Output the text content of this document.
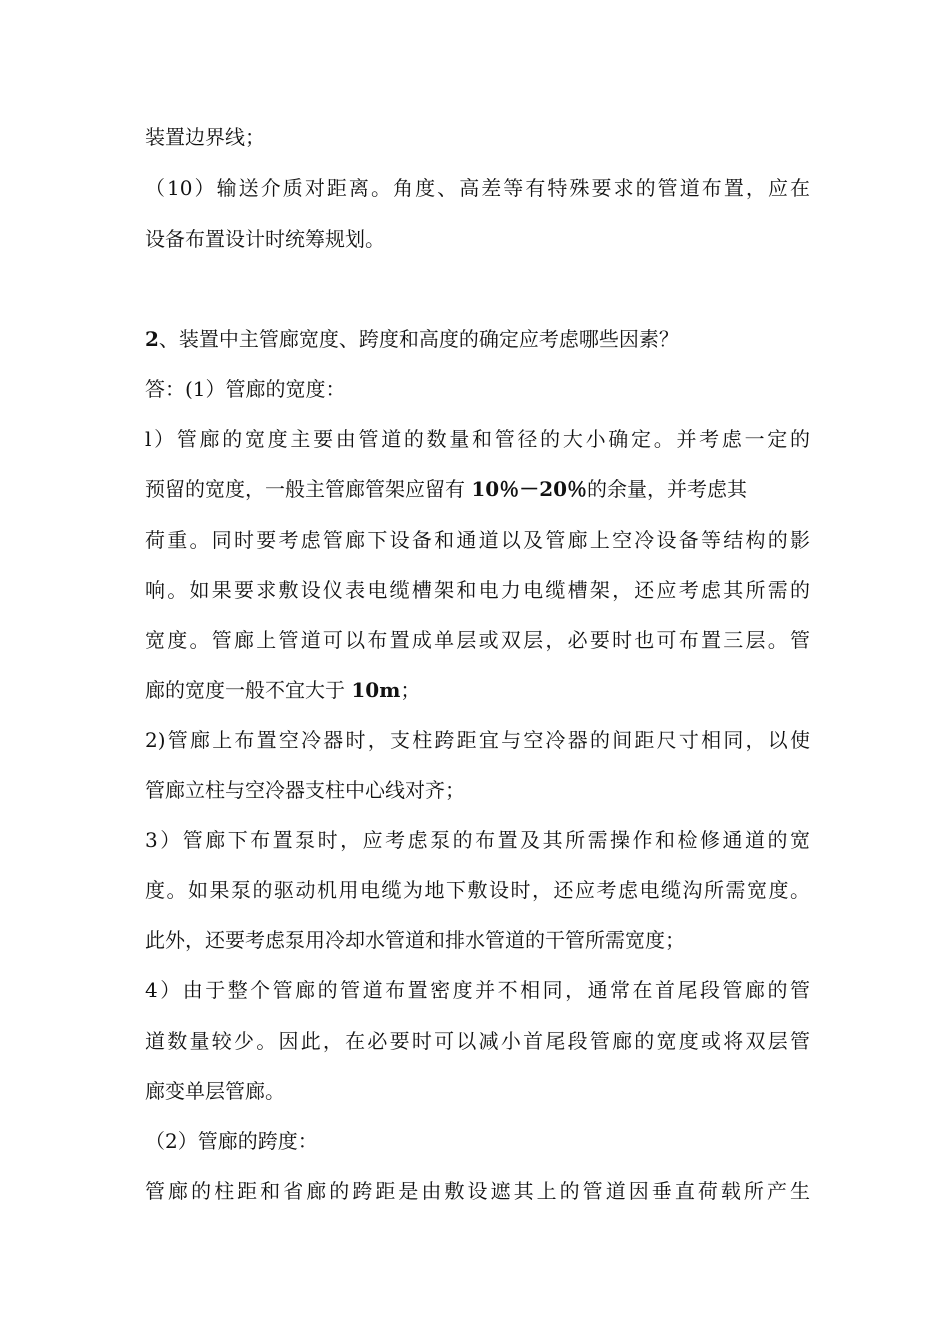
装置边界线；
（10）输送介质对距离。角度、高差等有特殊要求的管道布置，应在
设备布置设计时统筹规划。
2、装置中主管廊宽度、跨度和高度的确定应考虑哪些因素？
答：(1）管廊的宽度：
l）管廊的宽度主要由管道的数量和管径的大小确定。并考虑一定的
预留的宽度，一般主管廊管架应留有 10％－20％的余量，并考虑其
荷重。同时要考虑管廊下设备和通道以及管廊上空冷设备等结构的影
响。如果要求敷设仪表电缆槽架和电力电缆槽架，还应考虑其所需的
宽度。管廊上管道可以布置成单层或双层，必要时也可布置三层。管
廊的宽度一般不宜大于 10m；
2)管廊上布置空冷器时，支柱跨距宜与空冷器的间距尺寸相同，以使
管廊立柱与空冷器支柱中心线对齐；
3）管廊下布置泵时，应考虑泵的布置及其所需操作和检修通道的宽
度。如果泵的驱动机用电缆为地下敷设时，还应考虑电缆沟所需宽度。
此外，还要考虑泵用冷却水管道和排水管道的干管所需宽度；
4）由于整个管廊的管道布置密度并不相同，通常在首尾段管廊的管
道数量较少。因此，在必要时可以减小首尾段管廊的宽度或将双层管
廊变单层管廊。
（2）管廊的跨度：
管廊的柱距和省廊的跨距是由敷设遮其上的管道因垂直荷载所产生
